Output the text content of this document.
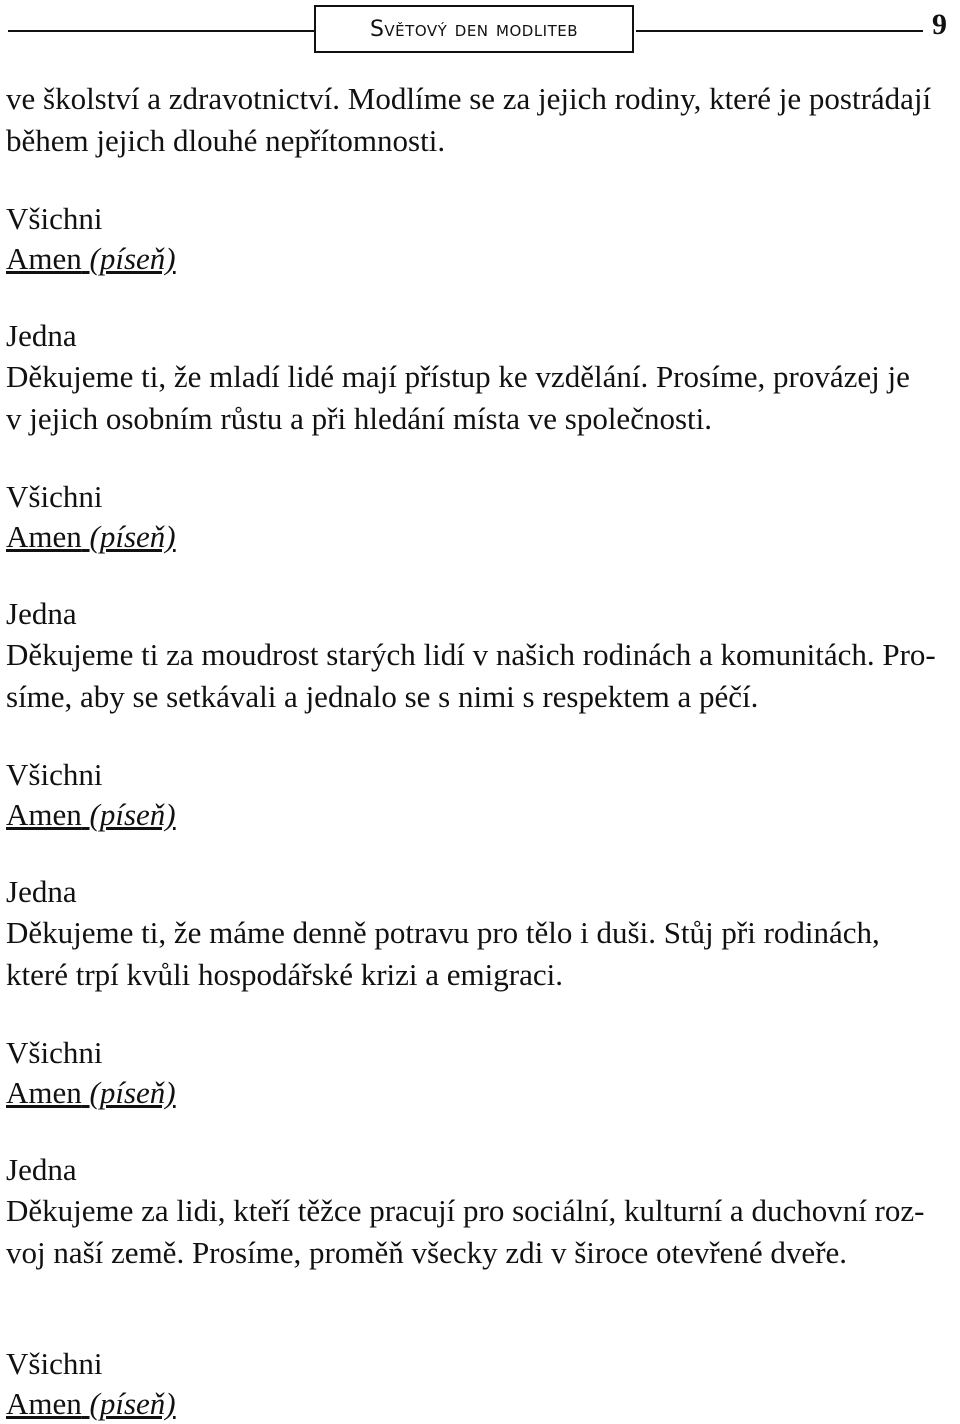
Světový den modliteb	9
ve školství a zdravotnictví. Modlíme se za jejich rodiny, které je postrádají
během jejich dlouhé nepřítomnosti.
Všichni
Amen (píseň)
Jedna
Děkujeme ti, že mladí lidé mají přístup ke vzdělání. Prosíme, provázej je
v jejich osobním růstu a při hledání místa ve společnosti.
Všichni
Amen (píseň)
Jedna
Děkujeme ti za moudrost starých lidí v našich rodinách a komunitách. Pro-
síme, aby se setkávali a jednalo se s nimi s respektem a péčí.
Všichni
Amen (píseň)
Jedna
Děkujeme ti, že máme denně potravu pro tělo i duši. Stůj při rodinách,
které trpí kvůli hospodářské krizi a emigraci.
Všichni
Amen (píseň)
Jedna
Děkujeme za lidi, kteří těžce pracují pro sociální, kulturní a duchovní roz-
voj naší země. Prosíme, proměň všecky zdi v široce otevřené dveře.
Všichni
Amen (píseň)
